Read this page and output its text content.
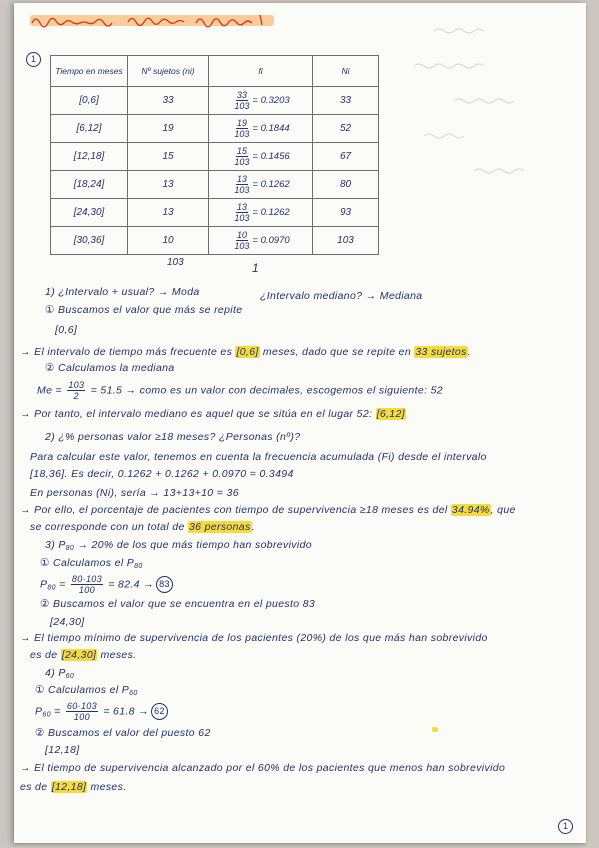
1
Tiempo en meses	Nº sujetos (ni)	fi	Ni
[0,6]	33	$\frac{33}{103} = 0.3203$	33
[6,12]	19	$\frac{19}{103} = 0.1844$	52
[12,18]	15	$\frac{15}{103} = 0.1456$	67
[18,24]	13	$\frac{13}{103} = 0.1262$	80
[24,30]	13	$\frac{13}{103} = 0.1262$	93
[30,36]	10	$\frac{10}{103} = 0.0970$	103
103	1
1) ¿Intervalo + usual? → Moda	¿Intervalo mediano? → Mediana
① Buscamos el valor que más se repite
[0,6]
→ El intervalo de tiempo más frecuente es [0,6] meses, dado que se repite en 33 sujetos.
② Calculamos la mediana
$Me = \frac{103}{2} = 51.5$ → como es un valor con decimales, escogemos el siguiente: 52
→ Por tanto, el intervalo mediano es aquel que se sitúa en el lugar 52: [6,12]
2) ¿% personas valor ≥18 meses? ¿Personas (nº)?
Para calcular este valor, tenemos en cuenta la frecuencia acumulada (Fi) desde el intervalo
[18,36]. Es decir, 0.1262 + 0.1262 + 0.0970 = 0.3494
En personas (Ni), sería → 13+13+10 = 36
→ Por ello, el porcentaje de pacientes con tiempo de supervivencia ≥18 meses es del 34.94%, que
se corresponde con un total de 36 personas.
3) $P_{80} \to 20\%$ de los que más tiempo han sobrevivido
① Calculamos el $P_{80}$
$P_{80} = \frac{80\cdot 103}{100} = 82.4 \to 83$
② Buscamos el valor que se encuentra en el puesto 83
[24,30]
→ El tiempo mínimo de supervivencia de los pacientes (20%) de los que más han sobrevivido
es de [24,30] meses.
4) $P_{60}$
① Calculamos el $P_{60}$
$P_{60} = \frac{60\cdot 103}{100} = 61.8 \to 62$
② Buscamos el valor del puesto 62
[12,18]
→ El tiempo de supervivencia alcanzado por el 60% de los pacientes que menos han sobrevivido
es de [12,18] meses.
1
